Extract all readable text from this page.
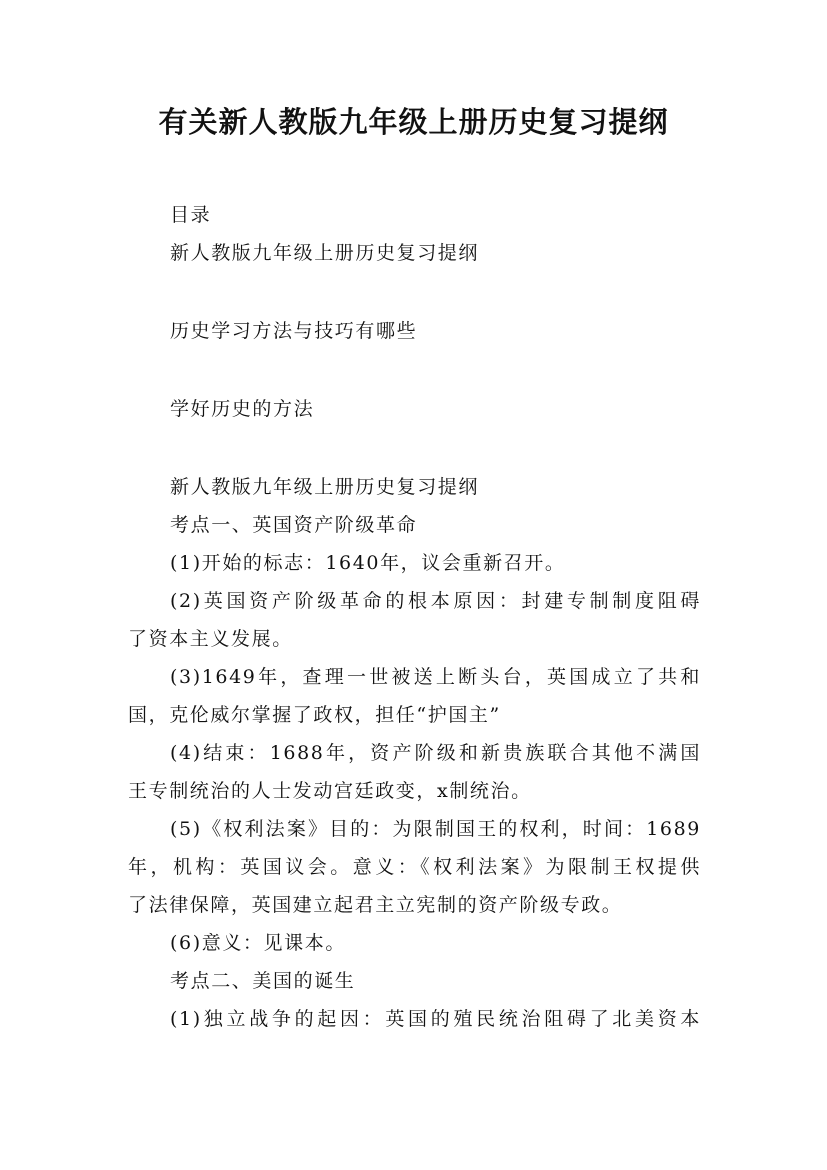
有关新人教版九年级上册历史复习提纲
目录
新人教版九年级上册历史复习提纲
历史学习方法与技巧有哪些
学好历史的方法
新人教版九年级上册历史复习提纲
考点一、英国资产阶级革命
(1)开始的标志：1640年，议会重新召开。
(2)英国资产阶级革命的根本原因：封建专制制度阻碍
了资本主义发展。
(3)1649年，查理一世被送上断头台，英国成立了共和
国，克伦威尔掌握了政权，担任“护国主”
(4)结束：1688年，资产阶级和新贵族联合其他不满国
王专制统治的人士发动宫廷政变，x制统治。
(5)《权利法案》目的：为限制国王的权利，时间：1689
年，机构：英国议会。意义：《权利法案》为限制王权提供
了法律保障，英国建立起君主立宪制的资产阶级专政。
(6)意义：见课本。
考点二、美国的诞生
(1)独立战争的起因：英国的殖民统治阻碍了北美资本
